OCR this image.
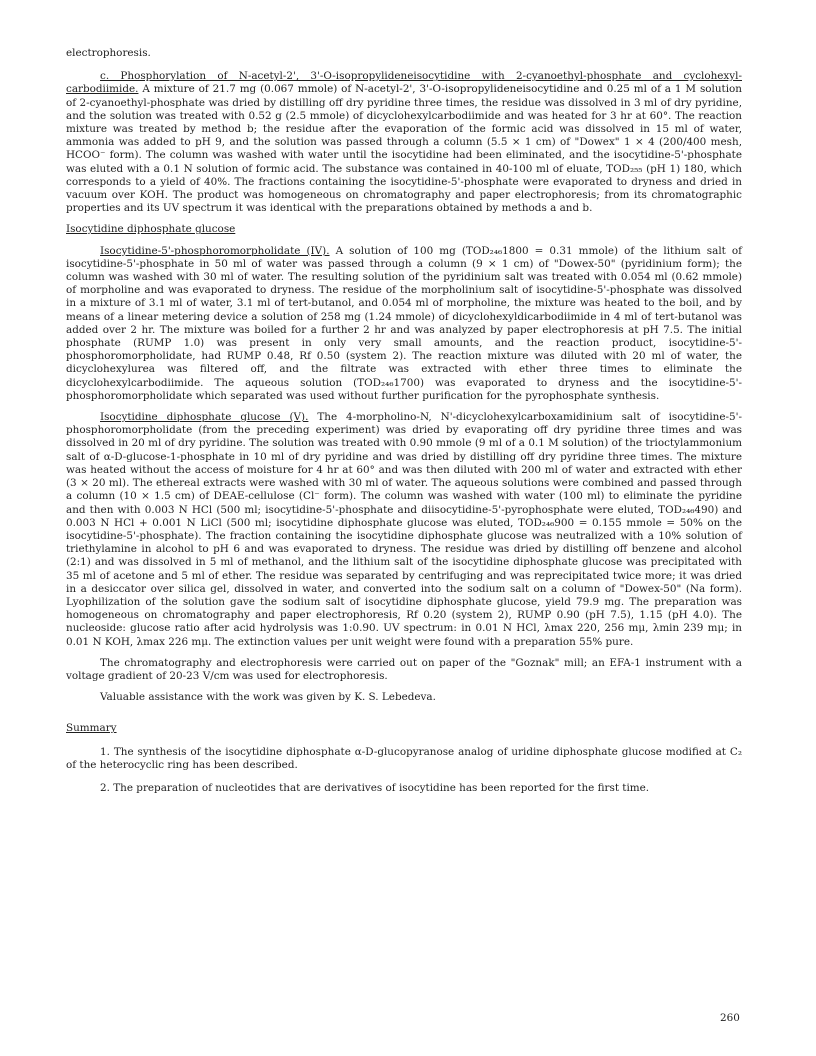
electrophoresis.

c. Phosphorylation of N-acetyl-2', 3'-O-isopropylideneisocytidine with 2-cyanoethyl-phosphate and cyclohexyl-carbodiimide. A mixture of 21.7 mg (0.067 mmole) of N-acetyl-2', 3'-O-isopropylideneisocytidine and 0.25 ml of a 1 M solution of 2-cyanoethyl-phosphate was dried by distilling off dry pyridine three times, the residue was dissolved in 3 ml of dry pyridine, and the solution was treated with 0.52 g (2.5 mmole) of dicyclohexylcarbodiimide and was heated for 3 hr at 60°. The reaction mixture was treated by method b; the residue after the evaporation of the formic acid was dissolved in 15 ml of water, ammonia was added to pH 9, and the solution was passed through a column (5.5 × 1 cm) of "Dowex" 1 × 4 (200/400 mesh, HCOO⁻ form). The column was washed with water until the isocytidine had been eliminated, and the isocytidine-5'-phosphate was eluted with a 0.1 N solution of formic acid. The substance was contained in 40-100 ml of eluate, TOD₂₅₅ (pH 1) 180, which corresponds to a yield of 40%. The fractions containing the isocytidine-5'-phosphate were evaporated to dryness and dried in vacuum over KOH. The product was homogeneous on chromatography and paper electrophoresis; from its chromatographic properties and its UV spectrum it was identical with the preparations obtained by methods a and b.

Isocytidine diphosphate glucose

Isocytidine-5'-phosphoromorpholidate (IV). A solution of 100 mg (TOD₂₄₆1800 = 0.31 mmole) of the lithium salt of isocytidine-5'-phosphate in 50 ml of water was passed through a column (9 × 1 cm) of "Dowex-50" (pyridinium form); the column was washed with 30 ml of water. The resulting solution of the pyridinium salt was treated with 0.054 ml (0.62 mmole) of morpholine and was evaporated to dryness. The residue of the morpholinium salt of isocytidine-5'-phosphate was dissolved in a mixture of 3.1 ml of water, 3.1 ml of tert-butanol, and 0.054 ml of morpholine, the mixture was heated to the boil, and by means of a linear metering device a solution of 258 mg (1.24 mmole) of dicyclohexyldicarbodiimide in 4 ml of tert-butanol was added over 2 hr. The mixture was boiled for a further 2 hr and was analyzed by paper electrophoresis at pH 7.5. The initial phosphate (RUMP 1.0) was present in only very small amounts, and the reaction product, isocytidine-5'-phosphoromorpholidate, had RUMP 0.48, Rf 0.50 (system 2). The reaction mixture was diluted with 20 ml of water, the dicyclohexylurea was filtered off, and the filtrate was extracted with ether three times to eliminate the dicyclohexylcarbodiimide. The aqueous solution (TOD₂₄₆1700) was evaporated to dryness and the isocytidine-5'-phosphoromorpholidate which separated was used without further purification for the pyrophosphate synthesis.

Isocytidine diphosphate glucose (V). The 4-morpholino-N, N'-dicyclohexylcarboxamidinium salt of isocytidine-5'-phosphoromorpholidate (from the preceding experiment) was dried by evaporating off dry pyridine three times and was dissolved in 20 ml of dry pyridine. The solution was treated with 0.90 mmole (9 ml of a 0.1 M solution) of the trioctylammonium salt of α-D-glucose-1-phosphate in 10 ml of dry pyridine and was dried by distilling off dry pyridine three times. The mixture was heated without the access of moisture for 4 hr at 60° and was then diluted with 200 ml of water and extracted with ether (3 × 20 ml). The ethereal extracts were washed with 30 ml of water. The aqueous solutions were combined and passed through a column (10 × 1.5 cm) of DEAE-cellulose (Cl⁻ form). The column was washed with water (100 ml) to eliminate the pyridine and then with 0.003 N HCl (500 ml; isocytidine-5'-phosphate and diisocytidine-5'-pyrophosphate were eluted, TOD₂₄₆490) and 0.003 N HCl + 0.001 N LiCl (500 ml; isocytidine diphosphate glucose was eluted, TOD₂₄₆900 = 0.155 mmole = 50% on the isocytidine-5'-phosphate). The fraction containing the isocytidine diphosphate glucose was neutralized with a 10% solution of triethylamine in alcohol to pH 6 and was evaporated to dryness. The residue was dried by distilling off benzene and alcohol (2:1) and was dissolved in 5 ml of methanol, and the lithium salt of the isocytidine diphosphate glucose was precipitated with 35 ml of acetone and 5 ml of ether. The residue was separated by centrifuging and was reprecipitated twice more; it was dried in a desiccator over silica gel, dissolved in water, and converted into the sodium salt on a column of "Dowex-50" (Na form). Lyophilization of the solution gave the sodium salt of isocytidine diphosphate glucose, yield 79.9 mg. The preparation was homogeneous on chromatography and paper electrophoresis, Rf 0.20 (system 2), RUMP 0.90 (pH 7.5), 1.15 (pH 4.0). The nucleoside: glucose ratio after acid hydrolysis was 1:0.90. UV spectrum: in 0.01 N HCl, λmax 220, 256 mμ, λmin 239 mμ; in 0.01 N KOH, λmax 226 mμ. The extinction values per unit weight were found with a preparation 55% pure.

The chromatography and electrophoresis were carried out on paper of the "Goznak" mill; an EFA-1 instrument with a voltage gradient of 20-23 V/cm was used for electrophoresis.

Valuable assistance with the work was given by K. S. Lebedeva.

Summary

1. The synthesis of the isocytidine diphosphate α-D-glucopyranose analog of uridine diphosphate glucose modified at C₂ of the heterocyclic ring has been described.

2. The preparation of nucleotides that are derivatives of isocytidine has been reported for the first time.

260
